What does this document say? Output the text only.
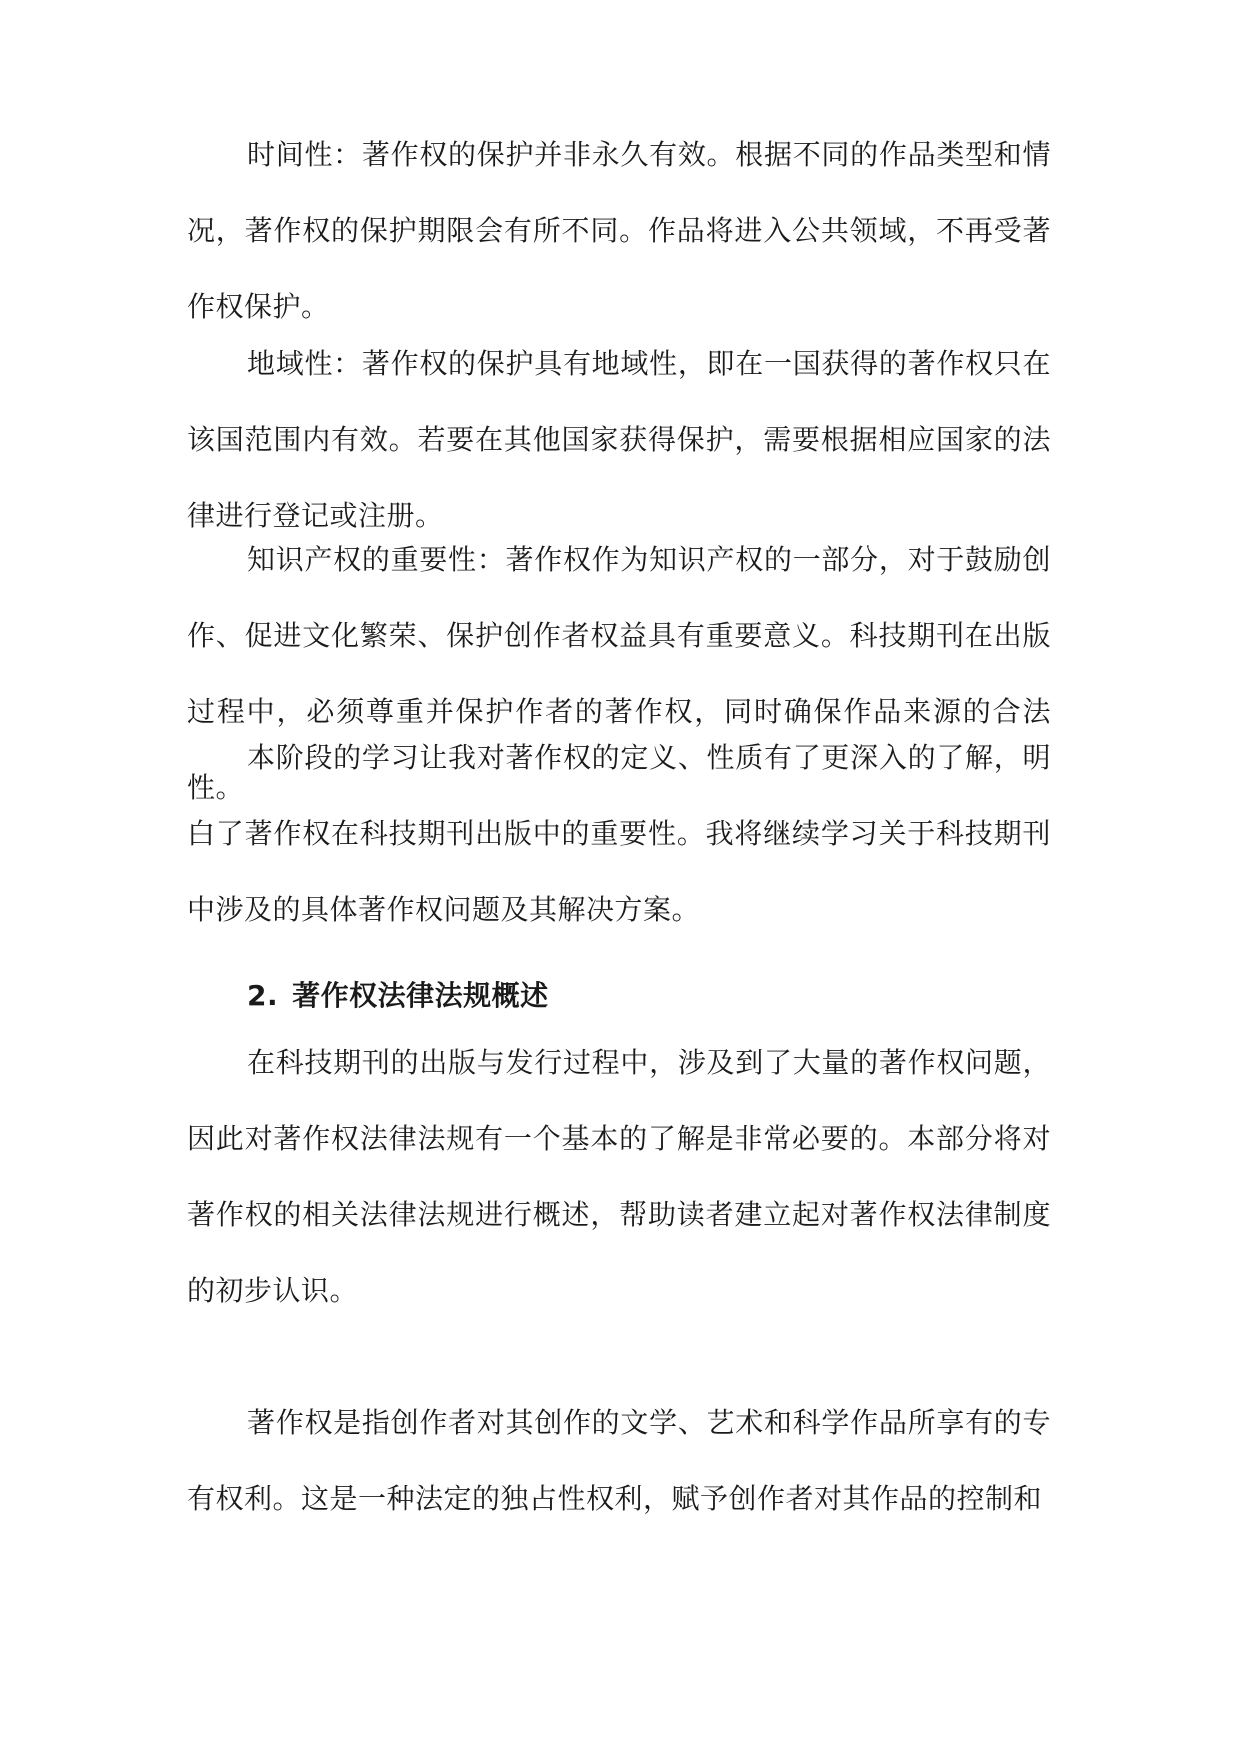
时间性：著作权的保护并非永久有效。根据不同的作品类型和情况，著作权的保护期限会有所不同。作品将进入公共领域，不再受著作权保护。

地域性：著作权的保护具有地域性，即在一国获得的著作权只在该国范围内有效。若要在其他国家获得保护，需要根据相应国家的法律进行登记或注册。

知识产权的重要性：著作权作为知识产权的一部分，对于鼓励创作、促进文化繁荣、保护创作者权益具有重要意义。科技期刊在出版过程中，必须尊重并保护作者的著作权，同时确保作品来源的合法性。

本阶段的学习让我对著作权的定义、性质有了更深入的了解，明白了著作权在科技期刊出版中的重要性。我将继续学习关于科技期刊中涉及的具体著作权问题及其解决方案。

2. 著作权法律法规概述

在科技期刊的出版与发行过程中，涉及到了大量的著作权问题，因此对著作权法律法规有一个基本的了解是非常必要的。本部分将对著作权的相关法律法规进行概述，帮助读者建立起对著作权法律制度的初步认识。

著作权是指创作者对其创作的文学、艺术和科学作品所享有的专有权利。这是一种法定的独占性权利，赋予创作者对其作品的控制和
